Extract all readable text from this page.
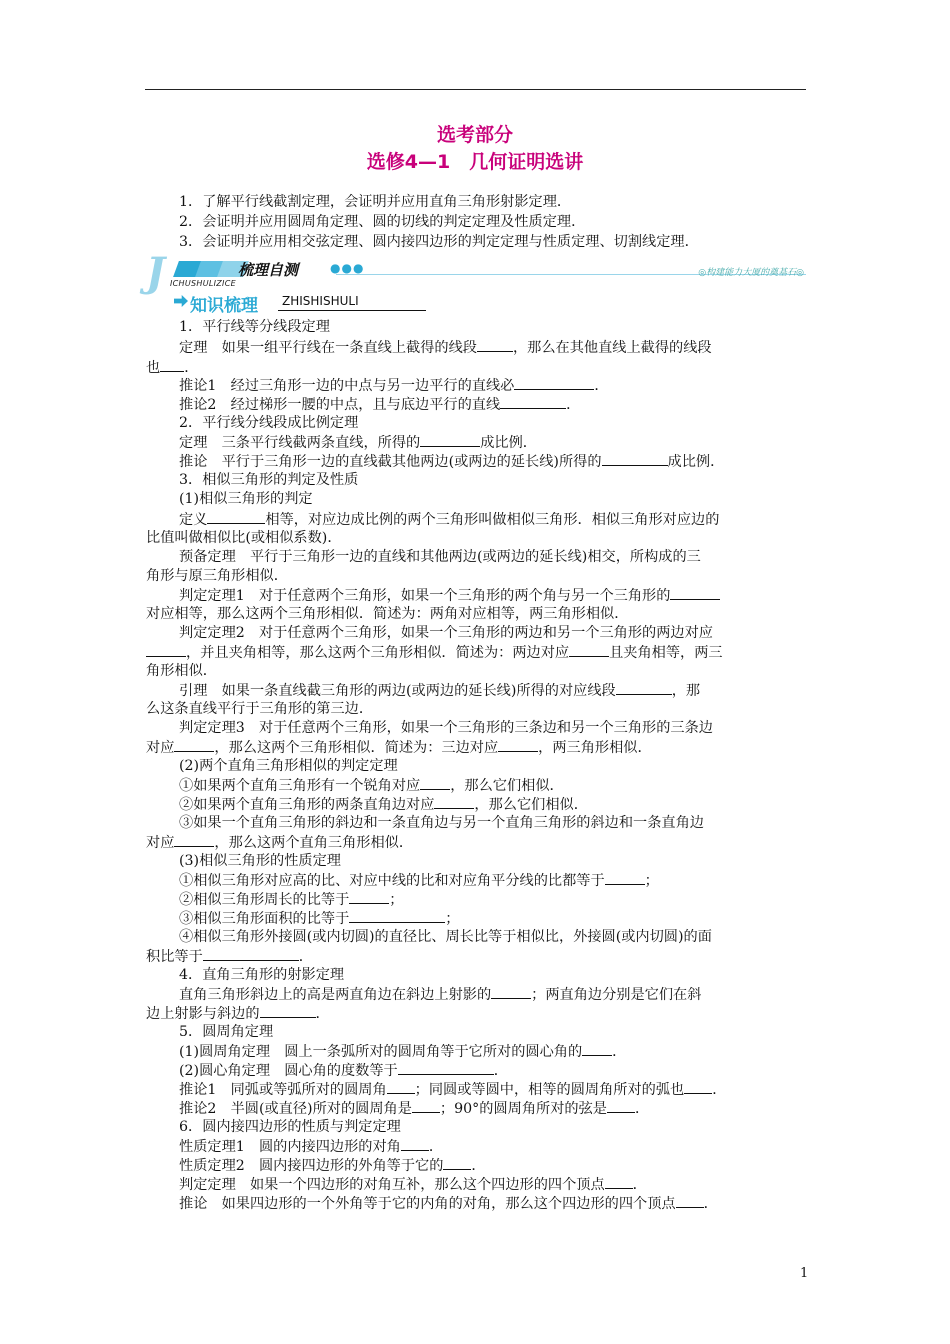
选考部分
选修4—1　几何证明选讲
1．了解平行线截割定理，会证明并应用直角三角形射影定理．
2．会证明并应用圆周角定理、圆的切线的判定定理及性质定理．
3．会证明并应用相交弦定理、圆内接四边形的判定定理与性质定理、切割线定理．
J	梳理自测	●●●	◎构建能力大厦的奠基石◎
ICHUSHULIZICE
知识梳理 ZHISHISHULI
1．平行线等分线段定理
定理　如果一组平行线在一条直线上截得的线段	，那么在其他直线上截得的线段
也 ．
推论1　经过三角形一边的中点与另一边平行的直线必	．
推论2　经过梯形一腰的中点，且与底边平行的直线	．
2．平行线分线段成比例定理
定理　三条平行线截两条直线，所得的	成比例．
推论　平行于三角形一边的直线截其他两边(或两边的延长线)所得的	成比例．
3．相似三角形的判定及性质
(1)相似三角形的判定
定义	相等，对应边成比例的两个三角形叫做相似三角形．相似三角形对应边的
比值叫做相似比(或相似系数)．
预备定理　平行于三角形一边的直线和其他两边(或两边的延长线)相交，所构成的三
角形与原三角形相似．
判定定理1　对于任意两个三角形，如果一个三角形的两个角与另一个三角形的
对应相等，那么这两个三角形相似．简述为：两角对应相等，两三角形相似．
判定定理2　对于任意两个三角形，如果一个三角形的两边和另一个三角形的两边对应
，并且夹角相等，那么这两个三角形相似．简述为：两边对应	且夹角相等，两三
角形相似．
引理　如果一条直线截三角形的两边(或两边的延长线)所得的对应线段	，那
么这条直线平行于三角形的第三边．
判定定理3　对于任意两个三角形，如果一个三角形的三条边和另一个三角形的三条边
对应	，那么这两个三角形相似．简述为：三边对应	，两三角形相似．
(2)两个直角三角形相似的判定定理
①如果两个直角三角形有一个锐角对应 ，那么它们相似．
②如果两个直角三角形的两条直角边对应	，那么它们相似．
③如果一个直角三角形的斜边和一条直角边与另一个直角三角形的斜边和一条直角边
对应	，那么这两个直角三角形相似．
(3)相似三角形的性质定理
①相似三角形对应高的比、对应中线的比和对应角平分线的比都等于	；
②相似三角形周长的比等于	；
③相似三角形面积的比等于	；
④相似三角形外接圆(或内切圆)的直径比、周长比等于相似比，外接圆(或内切圆)的面
积比等于	．
4．直角三角形的射影定理
直角三角形斜边上的高是两直角边在斜边上射影的	；两直角边分别是它们在斜
边上射影与斜边的	．
5．圆周角定理
(1)圆周角定理　圆上一条弧所对的圆周角等于它所对的圆心角的 ．
(2)圆心角定理　圆心角的度数等于	．
推论1　同弧或等弧所对的圆周角 ；同圆或等圆中，相等的圆周角所对的弧也 ．
推论2　半圆(或直径)所对的圆周角是 ；90°的圆周角所对的弦是 ．
6．圆内接四边形的性质与判定定理
性质定理1　圆的内接四边形的对角 ．
性质定理2　圆内接四边形的外角等于它的 ．
判定定理　如果一个四边形的对角互补，那么这个四边形的四个顶点 ．
推论　如果四边形的一个外角等于它的内角的对角，那么这个四边形的四个顶点 ．
1
